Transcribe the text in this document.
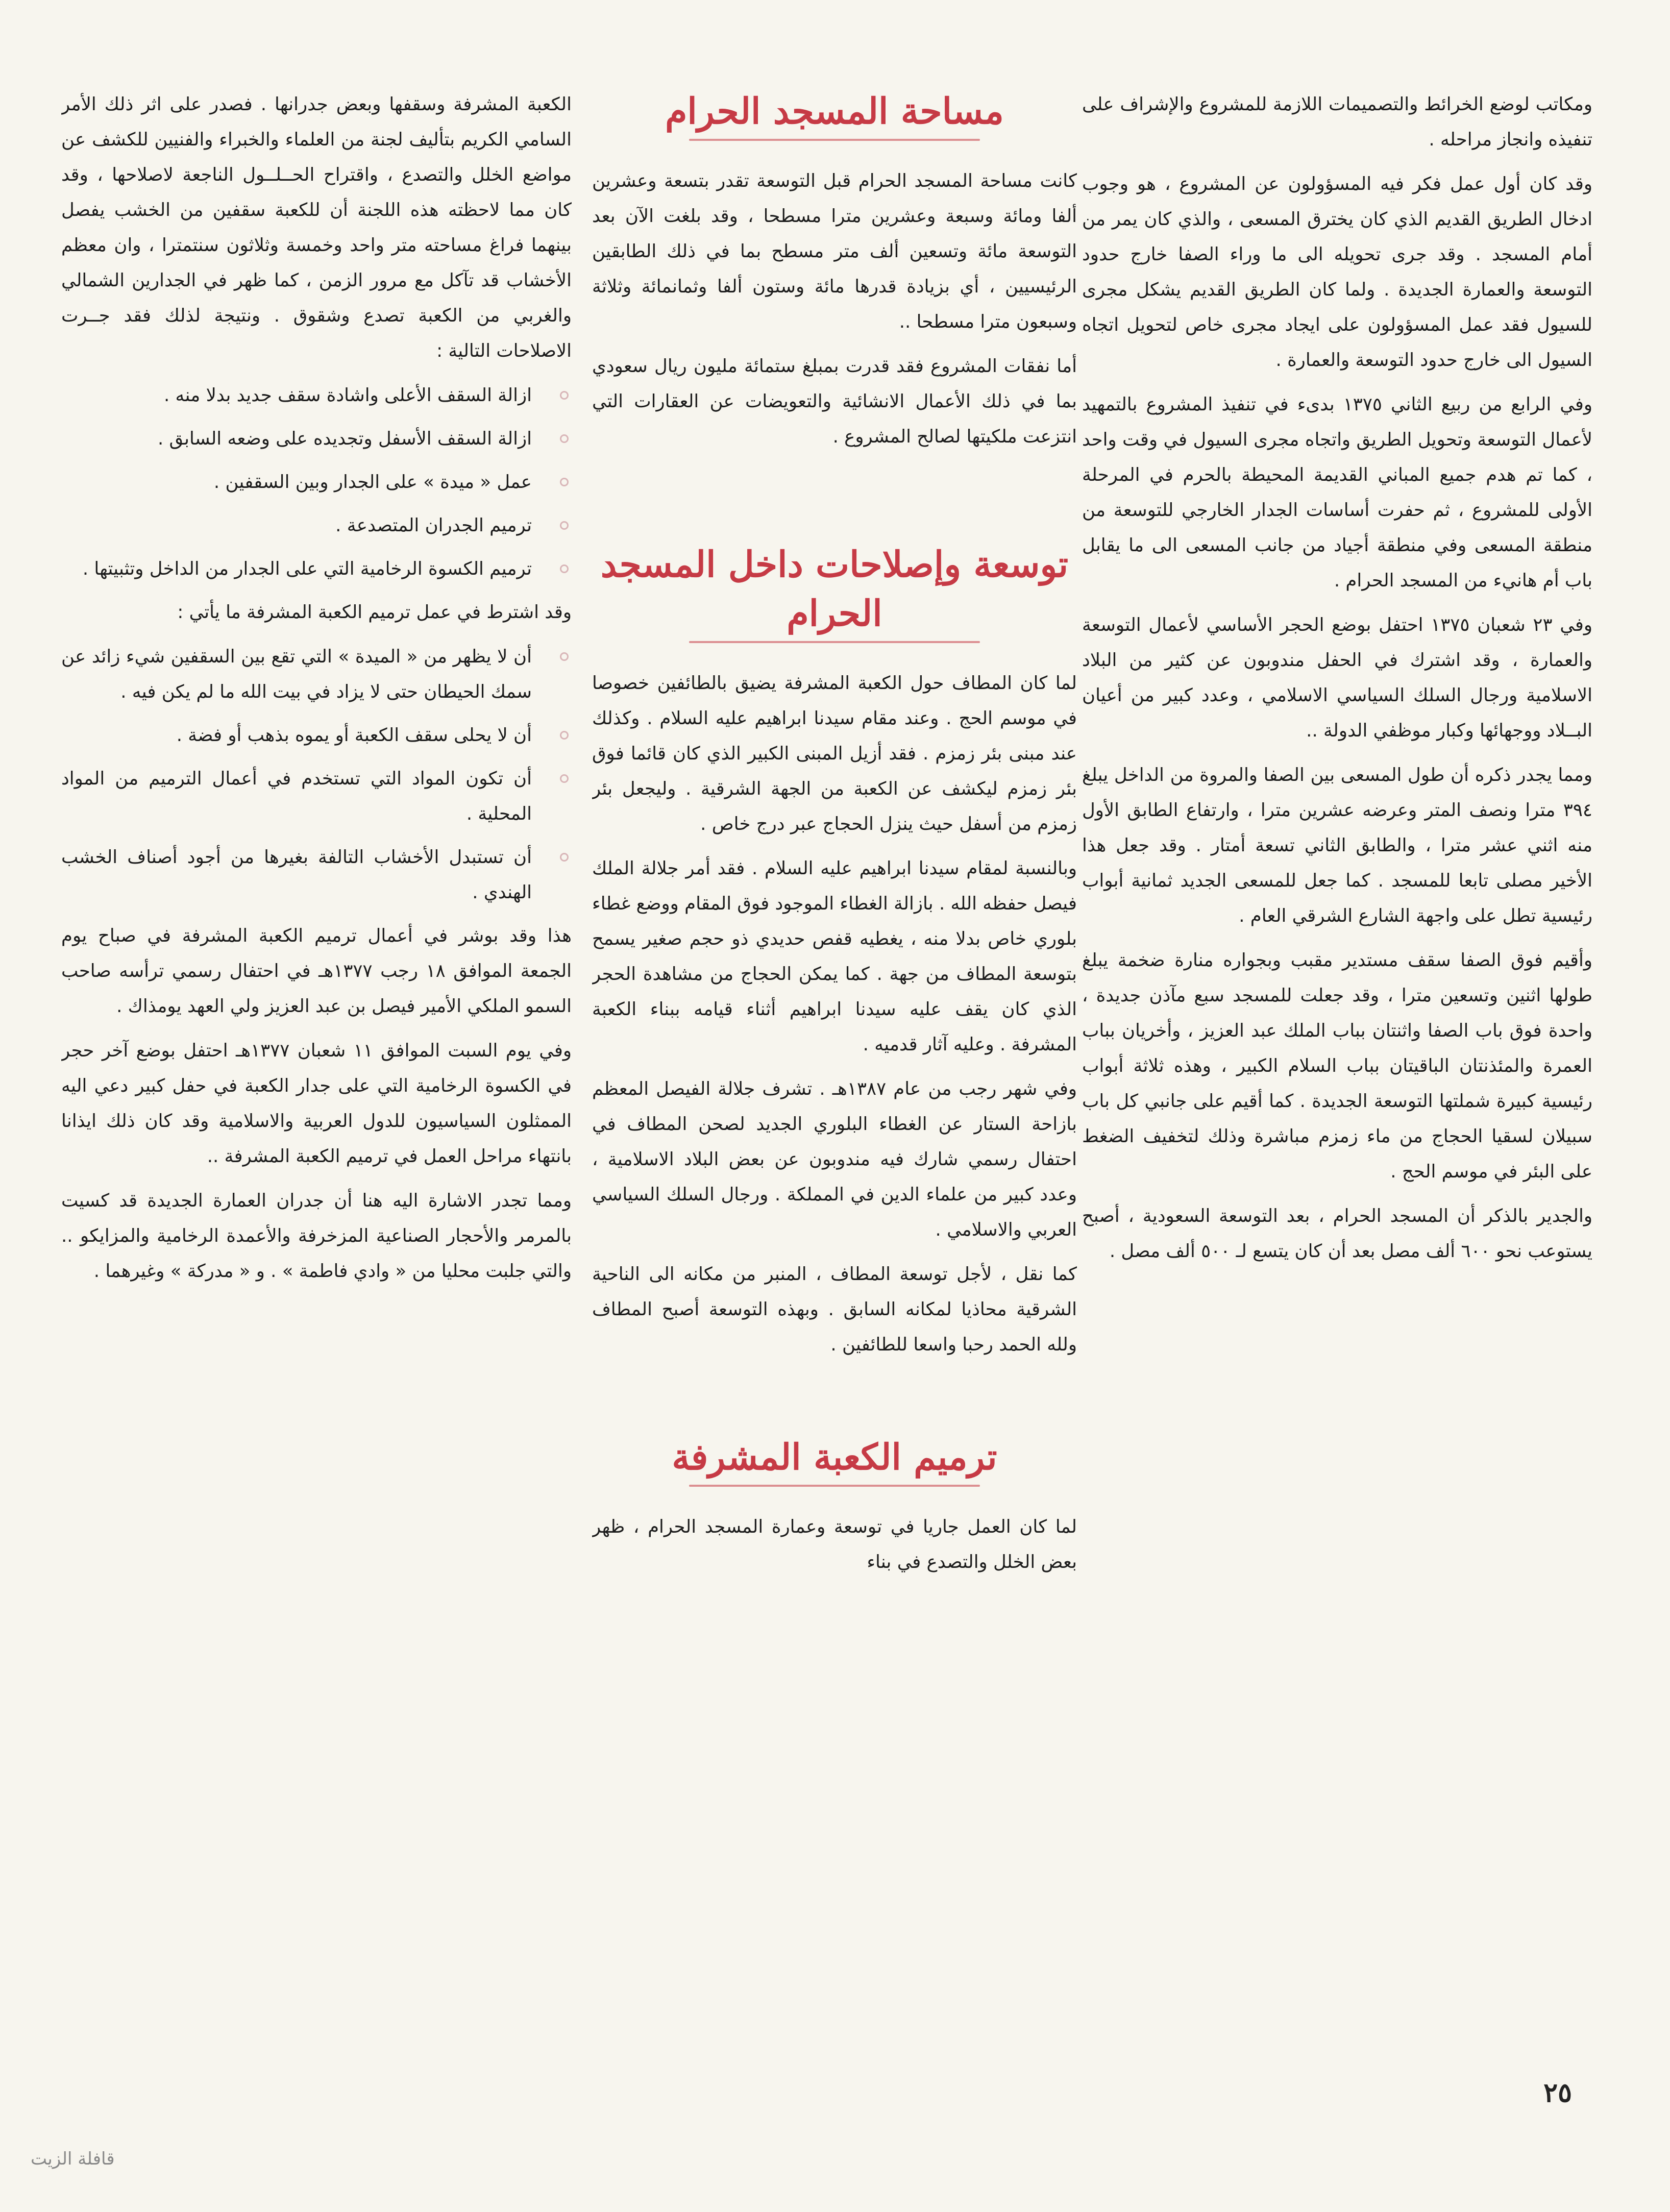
ومكاتب لوضع الخرائط والتصميمات اللازمة للمشروع والإشراف على تنفيذه وانجاز مراحله .

وقد كان أول عمل فكر فيه المسؤولون عن المشروع ، هو وجوب ادخال الطريق القديم الذي كان يخترق المسعى ، والذي كان يمر من أمام المسجد . وقد جرى تحويله الى ما وراء الصفا خارج حدود التوسعة والعمارة الجديدة . ولما كان الطريق القديم يشكل مجرى للسيول فقد عمل المسؤولون على ايجاد مجرى خاص لتحويل اتجاه السيول الى خارج حدود التوسعة والعمارة .

وفي الرابع من ربيع الثاني ١٣٧٥ بدىء في تنفيذ المشروع بالتمهيد لأعمال التوسعة وتحويل الطريق واتجاه مجرى السيول في وقت واحد ، كما تم هدم جميع المباني القديمة المحيطة بالحرم في المرحلة الأولى للمشروع ، ثم حفرت أساسات الجدار الخارجي للتوسعة من منطقة المسعى وفي منطقة أجياد من جانب المسعى الى ما يقابل باب أم هانيء من المسجد الحرام .

وفي ٢٣ شعبان ١٣٧٥ احتفل بوضع الحجر الأساسي لأعمال التوسعة والعمارة ، وقد اشترك في الحفل مندوبون عن كثير من البلاد الاسلامية ورجال السلك السياسي الاسلامي ، وعدد كبير من أعيان البــلاد ووجهائها وكبار موظفي الدولة ..

ومما يجدر ذكره أن طول المسعى بين الصفا والمروة من الداخل يبلغ ٣٩٤ مترا ونصف المتر وعرضه عشرين مترا ، وارتفاع الطابق الأول منه اثني عشر مترا ، والطابق الثاني تسعة أمتار . وقد جعل هذا الأخير مصلى تابعا للمسجد . كما جعل للمسعى الجديد ثمانية أبواب رئيسية تطل على واجهة الشارع الشرقي العام .

وأقيم فوق الصفا سقف مستدير مقبب وبجواره منارة ضخمة يبلغ طولها اثنين وتسعين مترا ، وقد جعلت للمسجد سبع مآذن جديدة ، واحدة فوق باب الصفا واثنتان بباب الملك عبد العزيز ، وأخريان بباب العمرة والمئذنتان الباقيتان بباب السلام الكبير ، وهذه ثلاثة أبواب رئيسية كبيرة شملتها التوسعة الجديدة . كما أقيم على جانبي كل باب سبيلان لسقيا الحجاج من ماء زمزم مباشرة وذلك لتخفيف الضغط على البئر في موسم الحج .

والجدير بالذكر أن المسجد الحرام ، بعد التوسعة السعودية ، أصبح يستوعب نحو ٦٠٠ ألف مصل بعد أن كان يتسع لـ ٥٠٠ ألف مصل .

مساحة المسجد الحرام

كانت مساحة المسجد الحرام قبل التوسعة تقدر بتسعة وعشرين ألفا ومائة وسبعة وعشرين مترا مسطحا ، وقد بلغت الآن بعد التوسعة مائة وتسعين ألف متر مسطح بما في ذلك الطابقين الرئيسيين ، أي بزيادة قدرها مائة وستون ألفا وثمانمائة وثلاثة وسبعون مترا مسطحا ..

أما نفقات المشروع فقد قدرت بمبلغ ستمائة مليون ريال سعودي بما في ذلك الأعمال الانشائية والتعويضات عن العقارات التي انتزعت ملكيتها لصالح المشروع .

توسعة وإصلاحات داخل المسجد الحرام

لما كان المطاف حول الكعبة المشرفة يضيق بالطائفين خصوصا في موسم الحج . وعند مقام سيدنا ابراهيم عليه السلام . وكذلك عند مبنى بئر زمزم . فقد أزيل المبنى الكبير الذي كان قائما فوق بئر زمزم ليكشف عن الكعبة من الجهة الشرقية . وليجعل بئر زمزم من أسفل حيث ينزل الحجاج عبر درج خاص .

وبالنسبة لمقام سيدنا ابراهيم عليه السلام . فقد أمر جلالة الملك فيصل حفظه الله . بازالة الغطاء الموجود فوق المقام ووضع غطاء بلوري خاص بدلا منه ، يغطيه قفص حديدي ذو حجم صغير يسمح بتوسعة المطاف من جهة . كما يمكن الحجاج من مشاهدة الحجر الذي كان يقف عليه سيدنا ابراهيم أثناء قيامه ببناء الكعبة المشرفة . وعليه آثار قدميه .

وفي شهر رجب من عام ١٣٨٧هـ . تشرف جلالة الفيصل المعظم بازاحة الستار عن الغطاء البلوري الجديد لصحن المطاف في احتفال رسمي شارك فيه مندوبون عن بعض البلاد الاسلامية ، وعدد كبير من علماء الدين في المملكة . ورجال السلك السياسي العربي والاسلامي .

كما نقل ، لأجل توسعة المطاف ، المنبر من مكانه الى الناحية الشرقية محاذيا لمكانه السابق . وبهذه التوسعة أصبح المطاف ولله الحمد رحبا واسعا للطائفين .

ترميم الكعبة المشرفة

لما كان العمل جاريا في توسعة وعمارة المسجد الحرام ، ظهر بعض الخلل والتصدع في بناء

الكعبة المشرفة وسقفها وبعض جدرانها . فصدر على اثر ذلك الأمر السامي الكريم بتأليف لجنة من العلماء والخبراء والفنيين للكشف عن مواضع الخلل والتصدع ، واقتراح الحــلــول الناجعة لاصلاحها ، وقد كان مما لاحظته هذه اللجنة أن للكعبة سقفين من الخشب يفصل بينهما فراغ مساحته متر واحد وخمسة وثلاثون سنتمترا ، وان معظم الأخشاب قد تآكل مع مرور الزمن ، كما ظهر في الجدارين الشمالي والغربي من الكعبة تصدع وشقوق . ونتيجة لذلك فقد جــرت الاصلاحات التالية :

ازالة السقف الأعلى واشادة سقف جديد بدلا منه .
ازالة السقف الأسفل وتجديده على وضعه السابق .
عمل « ميدة » على الجدار وبين السقفين .
ترميم الجدران المتصدعة .
ترميم الكسوة الرخامية التي على الجدار من الداخل وتثبيتها .

وقد اشترط في عمل ترميم الكعبة المشرفة ما يأتي :

أن لا يظهر من « الميدة » التي تقع بين السقفين شيء زائد عن سمك الحيطان حتى لا يزاد في بيت الله ما لم يكن فيه .
أن لا يحلى سقف الكعبة أو يموه بذهب أو فضة .
أن تكون المواد التي تستخدم في أعمال الترميم من المواد المحلية .
أن تستبدل الأخشاب التالفة بغيرها من أجود أصناف الخشب الهندي .

هذا وقد بوشر في أعمال ترميم الكعبة المشرفة في صباح يوم الجمعة الموافق ١٨ رجب ١٣٧٧هـ في احتفال رسمي ترأسه صاحب السمو الملكي الأمير فيصل بن عبد العزيز ولي العهد يومذاك .

وفي يوم السبت الموافق ١١ شعبان ١٣٧٧هـ احتفل بوضع آخر حجر في الكسوة الرخامية التي على جدار الكعبة في حفل كبير دعي اليه الممثلون السياسيون للدول العربية والاسلامية وقد كان ذلك ايذانا بانتهاء مراحل العمل في ترميم الكعبة المشرفة ..

ومما تجدر الاشارة اليه هنا أن جدران العمارة الجديدة قد كسيت بالمرمر والأحجار الصناعية المزخرفة والأعمدة الرخامية والمزايكو .. والتي جلبت محليا من « وادي فاطمة » . و « مدركة » وغيرهما .

٢٥
قافلة الزيت
